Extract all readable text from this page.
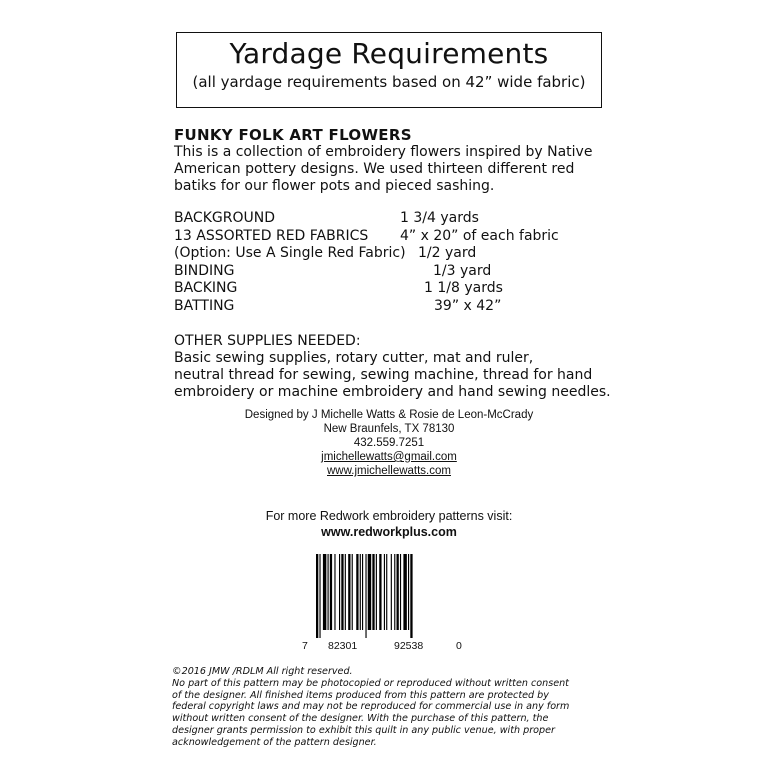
Yardage Requirements
(all yardage requirements based on 42” wide fabric)
FUNKY FOLK ART FLOWERS
This is a collection of embroidery flowers inspired by Native
American pottery designs. We used thirteen different red
batiks for our flower pots and pieced sashing.
BACKGROUND	1 3/4 yards
13 ASSORTED RED FABRICS 4” x 20” of each fabric
(Option: Use A Single Red Fabric) 1/2 yard
BINDING	1/3 yard
BACKING	1 1/8 yards
BATTING	39” x 42”
OTHER SUPPLIES NEEDED:
Basic sewing supplies, rotary cutter, mat and ruler,
neutral thread for sewing, sewing machine, thread for hand
embroidery or machine embroidery and hand sewing needles.
Designed by J Michelle Watts & Rosie de Leon-McCrady
New Braunfels, TX 78130
432.559.7251
jmichellewatts@gmail.com
www.jmichellewatts.com
For more Redwork embroidery patterns visit:
www.redworkplus.com
7 82301	92538	0
©2016 JMW /RDLM All right reserved.
No part of this pattern may be photocopied or reproduced without written consent
of the designer. All finished items produced from this pattern are protected by
federal copyright laws and may not be reproduced for commercial use in any form
without written consent of the designer. With the purchase of this pattern, the
designer grants permission to exhibit this quilt in any public venue, with proper
acknowledgement of the pattern designer.
